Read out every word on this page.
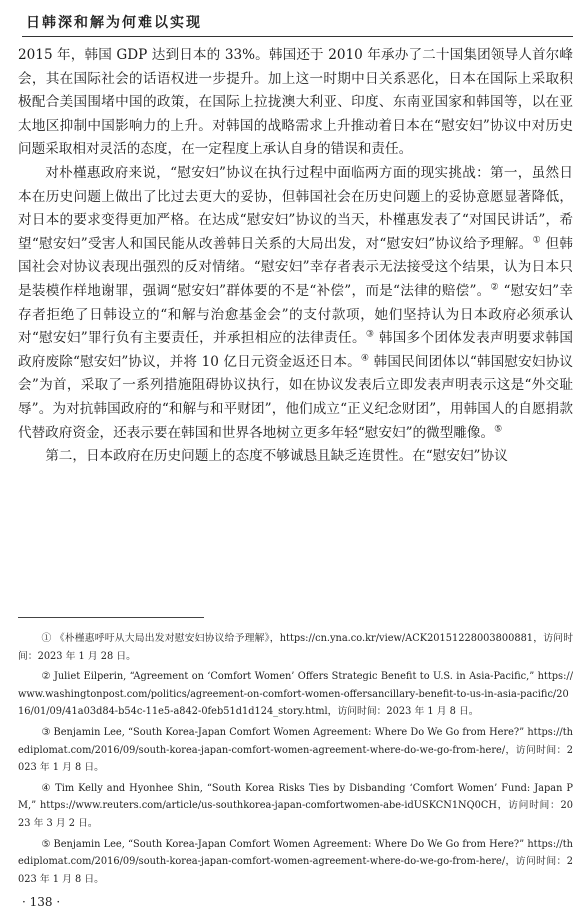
日韩深和解为何难以实现

2015 年，韩国 GDP 达到日本的 33%。韩国还于 2010 年承办了二十国集团领导人首尔峰会，其在国际社会的话语权进一步提升。加上这一时期中日关系恶化，日本在国际上采取积极配合美国围堵中国的政策，在国际上拉拢澳大利亚、印度、东南亚国家和韩国等，以在亚太地区抑制中国影响力的上升。对韩国的战略需求上升推动着日本在“慰安妇”协议中对历史问题采取相对灵活的态度，在一定程度上承认自身的错误和责任。

对朴槿惠政府来说，“慰安妇”协议在执行过程中面临两方面的现实挑战：第一，虽然日本在历史问题上做出了比过去更大的妥协，但韩国社会在历史问题上的妥协意愿显著降低，对日本的要求变得更加严格。在达成“慰安妇”协议的当天，朴槿惠发表了“对国民讲话”，希望“慰安妇”受害人和国民能从改善韩日关系的大局出发，对“慰安妇”协议给予理解。① 但韩国社会对协议表现出强烈的反对情绪。“慰安妇”幸存者表示无法接受这个结果，认为日本只是装模作样地谢罪，强调“慰安妇”群体要的不是“补偿”，而是“法律的赔偿”。② “慰安妇”幸存者拒绝了日韩设立的“和解与治愈基金会”的支付款项，她们坚持认为日本政府必须承认对“慰安妇”罪行负有主要责任，并承担相应的法律责任。③ 韩国多个团体发表声明要求韩国政府废除“慰安妇”协议，并将 10 亿日元资金返还日本。④ 韩国民间团体以“韩国慰安妇协议会”为首，采取了一系列措施阻碍协议执行，如在协议发表后立即发表声明表示这是“外交耻辱”。为对抗韩国政府的“和解与和平财团”，他们成立“正义纪念财团”，用韩国人的自愿捐款代替政府资金，还表示要在韩国和世界各地树立更多年轻“慰安妇”的微型雕像。⑤

第二，日本政府在历史问题上的态度不够诚恳且缺乏连贯性。在“慰安妇”协议

① 《朴槿惠呼吁从大局出发对慰安妇协议给予理解》，https://cn.yna.co.kr/view/ACK20151228003800881，访问时间：2023 年 1 月 28 日。

② Juliet Eilperin, “Agreement on ‘Comfort Women’ Offers Strategic Benefit to U.S. in Asia-Pacific,” https://www.washingtonpost.com/politics/agreement-on-comfort-women-offersancillary-benefit-to-us-in-asia-pacific/2016/01/09/41a03d84-b54c-11e5-a842-0feb51d1d124_story.html，访问时间：2023 年 1 月 8 日。

③ Benjamin Lee, “South Korea-Japan Comfort Women Agreement: Where Do We Go from Here?” https://thediplomat.com/2016/09/south-korea-japan-comfort-women-agreement-where-do-we-go-from-here/，访问时间：2023 年 1 月 8 日。

④ Tim Kelly and Hyonhee Shin, “South Korea Risks Ties by Disbanding ‘Comfort Women’ Fund: Japan PM,” https://www.reuters.com/article/us-southkorea-japan-comfortwomen-abe-idUSKCN1NQ0CH，访问时间：2023 年 3 月 2 日。

⑤ Benjamin Lee, “South Korea-Japan Comfort Women Agreement: Where Do We Go from Here?” https://thediplomat.com/2016/09/south-korea-japan-comfort-women-agreement-where-do-we-go-from-here/，访问时间：2023 年 1 月 8 日。

· 138 ·
